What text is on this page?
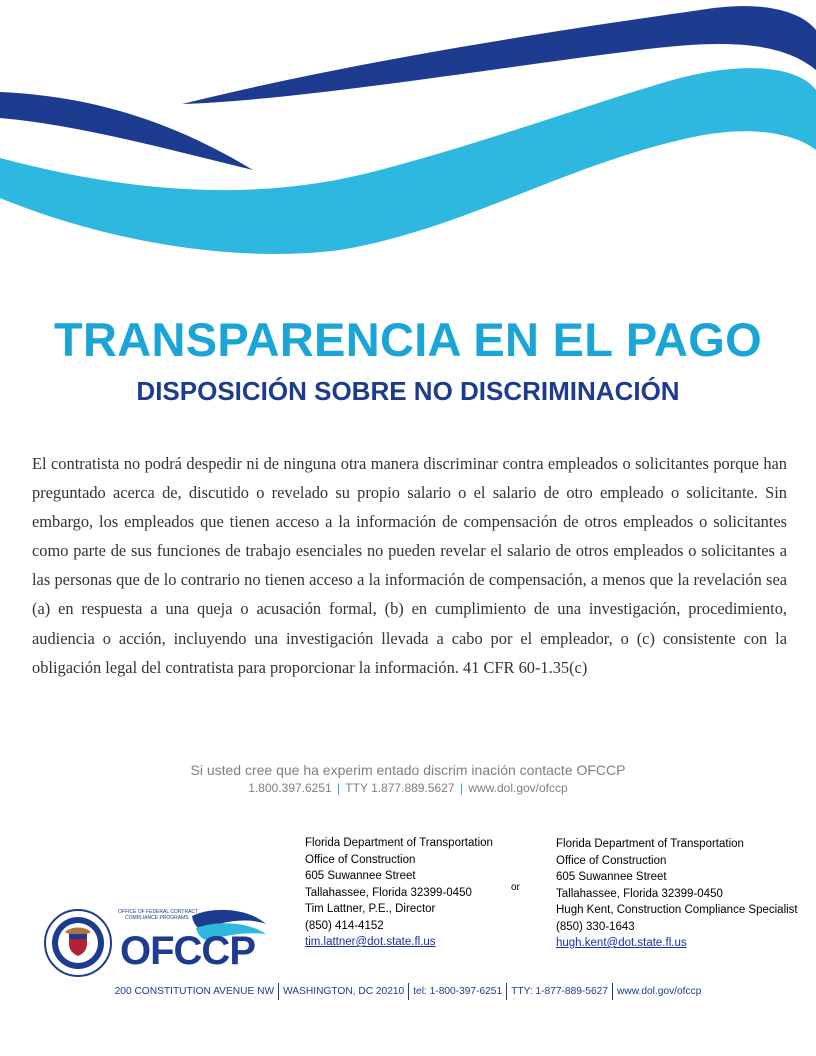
TRANSPARENCIA EN EL PAGO
DISPOSICIÓN SOBRE NO DISCRIMINACIÓN
El contratista no podrá despedir ni de ninguna otra manera discriminar contra empleados o solicitantes porque han preguntado acerca de, discutido o revelado su propio salario o el salario de otro empleado o solicitante. Sin embargo, los empleados que tienen acceso a la información de compensación de otros empleados o solicitantes como parte de sus funciones de trabajo esenciales no pueden revelar el salario de otros empleados o solicitantes a las personas que de lo contrario no tienen acceso a la información de compensación, a menos que la revelación sea (a) en respuesta a una queja o acusación formal, (b) en cumplimiento de una investigación, procedimiento, audiencia o acción, incluyendo una investigación llevada a cabo por el empleador, o (c) consistente con la obligación legal del contratista para proporcionar la información. 41 CFR 60-1.35(c)
Si usted cree que ha experim entado discrim inación contacte OFCCP
1.800.397.6251 | TTY 1.877.889.5627 | www.dol.gov/ofccp
Florida Department of Transportation
Office of Construction
605 Suwannee Street
Tallahassee, Florida 32399-0450
Tim Lattner, P.E., Director
(850) 414-4152
tim.lattner@dot.state.fl.us
or
Florida Department of Transportation
Office of Construction
605 Suwannee Street
Tallahassee, Florida 32399-0450
Hugh Kent, Construction Compliance Specialist
(850) 330-1643
hugh.kent@dot.state.fl.us
OFFICE OF FEDERAL CONTRACT
COMPLIANCE PROGRAMS
OFCCP
200 CONSTITUTION AVENUE NW WASHINGTON, DC 20210 tel: 1-800-397-6251 TTY: 1-877-889-5627 www.dol.gov/ofccp
